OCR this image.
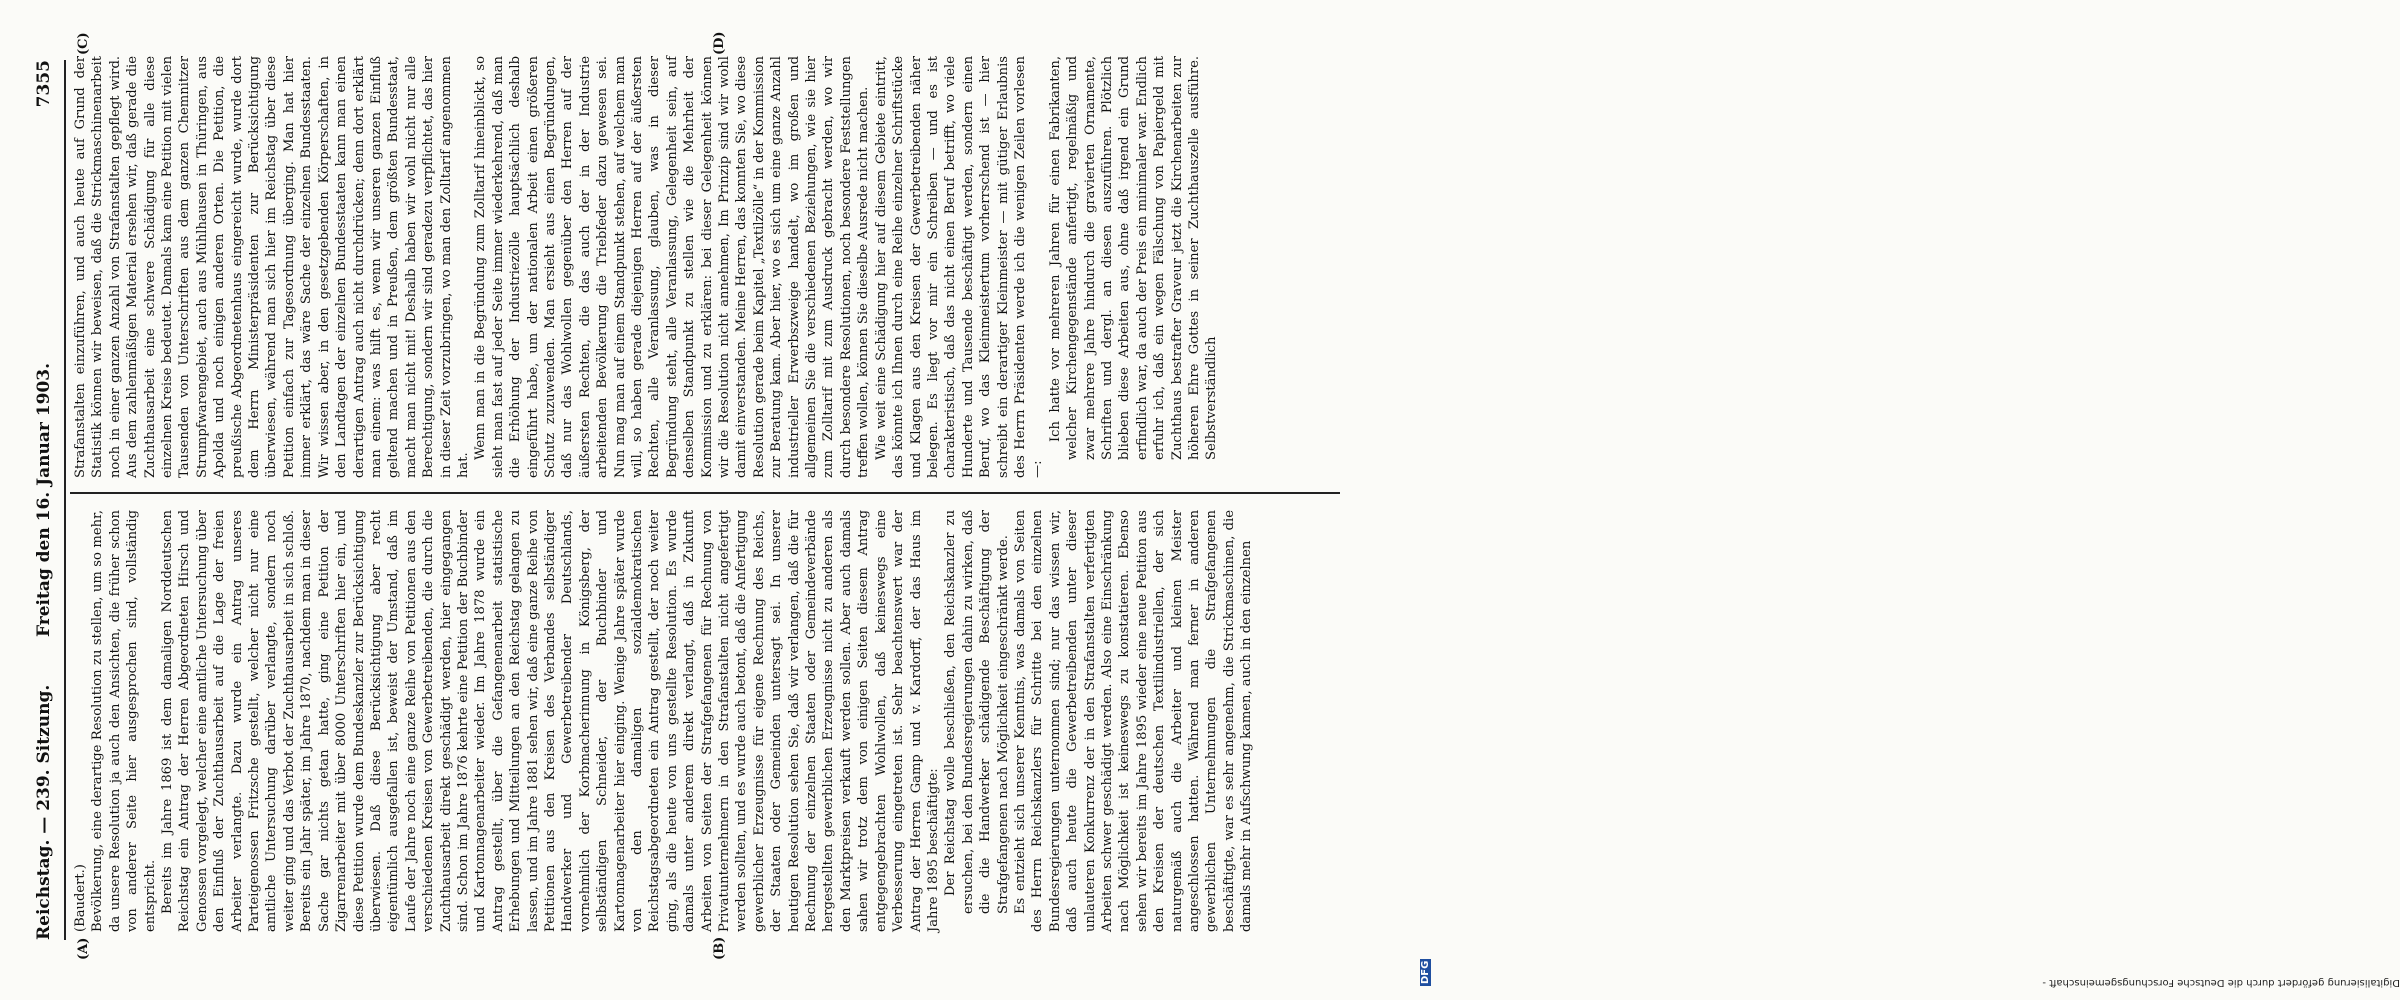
Reichstag. — 239. Sitzung.
Freitag den 16. Januar 1903.
7355
(A)	(B)
(C)	(D)

(Baudert.) Bevölkerung, eine derartige Resolution zu stellen, um so mehr, da unsere Resolution ja auch den Ansichten, die früher schon von anderer Seite hier ausgesprochen sind, vollständig entspricht. Bereits im Jahre 1869 ist dem damaligen Norddeutschen Reichstag ein Antrag der Herren Abgeordneten Hirsch und Genossen vorgelegt, welcher eine amtliche Untersuchung über den Einfluß der Zuchthausarbeit auf die Lage der freien Arbeiter verlangte. Dazu wurde ein Antrag unseres Parteigenossen Fritzsche gestellt, welcher nicht nur eine amtliche Untersuchung darüber verlangte, sondern noch weiter ging und das Verbot der Zuchthausarbeit in sich schloß. Bereits ein Jahr später, im Jahre 1870, nachdem man in dieser Sache gar nichts getan hatte, ging eine Petition der Zigarrenarbeiter mit über 8000 Unterschriften hier ein, und diese Petition wurde dem Bundeskanzler zur Berücksichtigung überwiesen. Daß diese Berücksichtigung aber recht eigentümlich ausgefallen ist, beweist der Umstand, daß im Laufe der Jahre noch eine ganze Reihe von Petitionen aus den verschiedenen Kreisen von Gewerbetreibenden, die durch die Zuchthausarbeit direkt geschädigt werden, hier eingegangen sind. Schon im Jahre 1876 kehrte eine Petition der Buchbinder und Kartonnagenarbeiter wieder. Im Jahre 1878 wurde ein Antrag gestellt, über die Gefangenenarbeit statistische Erhebungen und Mitteilungen an den Reichstag gelangen zu lassen, und im Jahre 1881 sehen wir, daß eine ganze Reihe von Petitionen aus den Kreisen des Verbandes selbständiger Handwerker und Gewerbetreibender Deutschlands, vornehmlich der Korbmacherinnung in Königsberg, der selbständigen Schneider, der Buchbinder und Kartonnagenarbeiter hier einging. Wenige Jahre später wurde von den damaligen sozialdemokratischen Reichstagsabgeordneten ein Antrag gestellt, der noch weiter ging, als die heute von uns gestellte Resolution. Es wurde damals unter anderem direkt verlangt, daß in Zukunft Arbeiten von Seiten der Strafgefangenen für Rechnung von Privatunternehmern in den Strafanstalten nicht angefertigt werden sollten, und es wurde auch betont, daß die Anfertigung gewerblicher Erzeugnisse für eigene Rechnung des Reichs, der Staaten oder Gemeinden untersagt sei. In unserer heutigen Resolution sehen Sie, daß wir verlangen, daß die für Rechnung der einzelnen Staaten oder Gemeindeverbände hergestellten gewerblichen Erzeugnisse nicht zu anderen als den Marktpreisen verkauft werden sollen. Aber auch damals sahen wir trotz dem von einigen Seiten diesem Antrag entgegengebrachten Wohlwollen, daß keineswegs eine Verbesserung eingetreten ist. Sehr beachtenswert war der Antrag der Herren Gamp und v. Kardorff, der das Haus im Jahre 1895 beschäftigte: Der Reichstag wolle beschließen, den Reichskanzler zu ersuchen, bei den Bundesregierungen dahin zu wirken, daß die die Handwerker schädigende Beschäftigung der Strafgefangenen nach Möglichkeit eingeschränkt werde. Es entzieht sich unserer Kenntnis, was damals von Seiten des Herrn Reichskanzlers für Schritte bei den einzelnen Bundesregierungen unternommen sind; nur das wissen wir, daß auch heute die Gewerbetreibenden unter dieser unlauteren Konkurrenz der in den Strafanstalten verfertigten Arbeiten schwer geschädigt werden. Also eine Einschränkung nach Möglichkeit ist keineswegs zu konstatieren. Ebenso sehen wir bereits im Jahre 1895 wieder eine neue Petition aus den Kreisen der deutschen Textilindustriellen, der sich naturgemäß auch die Arbeiter und kleinen Meister angeschlossen hatten. Während man ferner in anderen gewerblichen Unternehmungen die Strafgefangenen beschäftigte, war es sehr angenehm, die Strickmaschinen, die damals mehr in Aufschwung kamen, auch in den einzelnen

Strafanstalten einzuführen, und auch heute auf Grund der Statistik können wir beweisen, daß die Strickmaschinenarbeit noch in einer ganzen Anzahl von Strafanstalten gepflegt wird. Aus dem zahlenmäßigen Material ersehen wir, daß gerade die Zuchthausarbeit eine schwere Schädigung für alle diese einzelnen Kreise bedeutet. Damals kam eine Petition mit vielen Tausenden von Unterschriften aus dem ganzen Chemnitzer Strumpfwarengebiet, auch aus Mühlhausen in Thüringen, aus Apolda und noch einigen anderen Orten. Die Petition, die preußische Abgeordnetenhaus eingereicht wurde, wurde dort dem Herrn Ministerpräsidenten zur Berücksichtigung überwiesen, während man sich hier im Reichstag über diese Petition einfach zur Tagesordnung überging. Man hat hier immer erklärt, das wäre Sache der einzelnen Bundesstaaten. Wir wissen aber, in den gesetzgebenden Körperschaften, in den Landtagen der einzelnen Bundesstaaten kann man einen derartigen Antrag auch nicht durchdrücken; denn dort erklärt man einem: was hilft es, wenn wir unseren ganzen Einfluß geltend machen und in Preußen, dem größten Bundesstaat, macht man nicht mit! Deshalb haben wir wohl nicht nur alle Berechtigung, sondern wir sind geradezu verpflichtet, das hier in dieser Zeit vorzubringen, wo man den Zolltarif angenommen hat.

Wenn man in die Begründung zum Zolltarif hineinblickt, so sieht man fast auf jeder Seite immer wiederkehrend, daß man die Erhöhung der Industriezölle hauptsächlich deshalb eingeführt habe, um der nationalen Arbeit einen größeren Schutz zuzuwenden. Man ersieht aus einen Begründungen, daß nur das Wohlwollen gegenüber den Herren auf der äußersten Rechten, die das auch der in der Industrie arbeitenden Bevölkerung die Triebfeder dazu gewesen sei. Nun mag man auf einem Standpunkt stehen, auf welchem man will, so haben gerade diejenigen Herren auf der äußersten Rechten, alle Veranlassung, glauben, was in dieser Begründung steht, alle Veranlassung, Gelegenheit sein, auf denselben Standpunkt zu stellen wie die Mehrheit der Kommission und zu erklären: bei dieser Gelegenheit können wir die Resolution nicht annehmen, Im Prinzip sind wir wohl damit einverstanden. Meine Herren, das konnten Sie, wo diese Resolution gerade beim Kapitel „Textilzölle“ in der Kommission zur Beratung kam. Aber hier, wo es sich um eine ganze Anzahl industrieller Erwerbszweige handelt, wo im großen und allgemeinen Sie die verschiedenen Beziehungen, wie sie hier zum Zolltarif mit zum Ausdruck gebracht werden, wo wir durch besondere Resolutionen, noch besondere Feststellungen treffen wollen, können Sie dieselbe Ausrede nicht machen. Wie weit eine Schädigung hier auf diesem Gebiete eintritt, das könnte ich Ihnen durch eine Reihe einzelner Schriftstücke und Klagen aus den Kreisen der Gewerbetreibenden näher belegen. Es liegt vor mir ein Schreiben — und es ist charakteristisch, daß das nicht einen Beruf betrifft, wo viele Hunderte und Tausende beschäftigt werden, sondern einen Beruf, wo das Kleinmeistertum vorherrschend ist — hier schreibt ein derartiger Kleinmeister — mit gütiger Erlaubnis des Herrn Präsidenten werde ich die wenigen Zeilen vorlesen —:

Ich hatte vor mehreren Jahren für einen Fabrikanten, welcher Kirchengegenstände anfertigt, regelmäßig und zwar mehrere Jahre hindurch die gravierten Ornamente, Schriften und dergl. an diesen auszuführen. Plötzlich blieben diese Arbeiten aus, ohne daß irgend ein Grund erfindlich war, da auch der Preis ein minimaler war. Endlich erfuhr ich, daß ein wegen Fälschung von Papiergeld mit Zuchthaus bestrafter Graveur jetzt die Kirchenarbeiten zur höheren Ehre Gottes in seiner Zuchthauszelle ausführe. Selbstverständlich

Digitalisierung gefördert durch die Deutsche Forschungsgemeinschaft -
DFG
